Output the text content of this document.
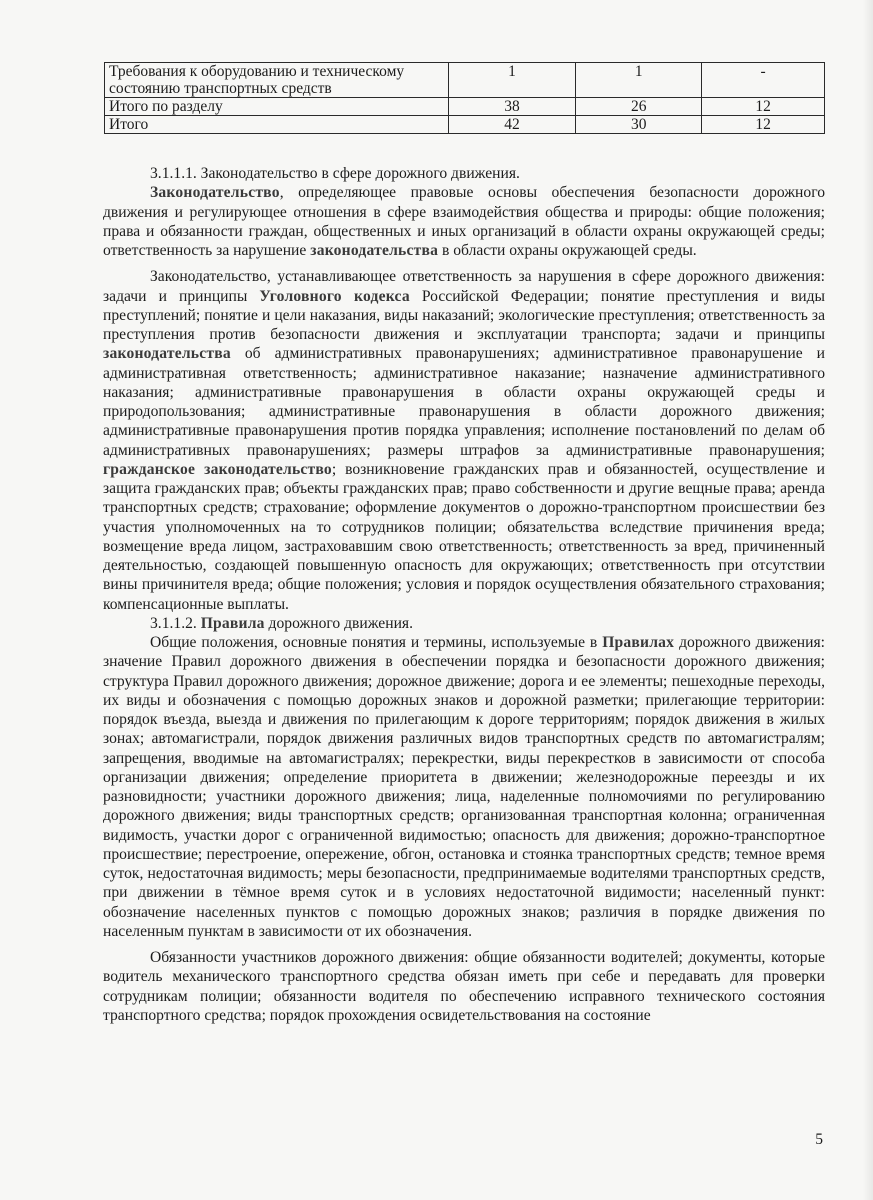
Требования к оборудованию и техническому состоянию транспортных средств	1	1	-
Итого по разделу	38	26	12
Итого	42	30	12

3.1.1.1. Законодательство в сфере дорожного движения.

Законодательство, определяющее правовые основы обеспечения безопасности дорожного движения и регулирующее отношения в сфере взаимодействия общества и природы: общие положения; права и обязанности граждан, общественных и иных организаций в области охраны окружающей среды; ответственность за нарушение законодательства в области охраны окружающей среды.

Законодательство, устанавливающее ответственность за нарушения в сфере дорожного движения: задачи и принципы Уголовного кодекса Российской Федерации; понятие преступления и виды преступлений; понятие и цели наказания, виды наказаний; экологические преступления; ответственность за преступления против безопасности движения и эксплуатации транспорта; задачи и принципы законодательства об административных правонарушениях; административное правонарушение и административная ответственность; административное наказание; назначение административного наказания; административные правонарушения в области охраны окружающей среды и природопользования; административные правонарушения в области дорожного движения; административные правонарушения против порядка управления; исполнение постановлений по делам об административных правонарушениях; размеры штрафов за административные правонарушения; гражданское законодательство; возникновение гражданских прав и обязанностей, осуществление и защита гражданских прав; объекты гражданских прав; право собственности и другие вещные права; аренда транспортных средств; страхование; оформление документов о дорожно-транспортном происшествии без участия уполномоченных на то сотрудников полиции; обязательства вследствие причинения вреда; возмещение вреда лицом, застраховавшим свою ответственность; ответственность за вред, причиненный деятельностью, создающей повышенную опасность для окружающих; ответственность при отсутствии вины причинителя вреда; общие положения; условия и порядок осуществления обязательного страхования; компенсационные выплаты.

3.1.1.2. Правила дорожного движения.

Общие положения, основные понятия и термины, используемые в Правилах дорожного движения: значение Правил дорожного движения в обеспечении порядка и безопасности дорожного движения; структура Правил дорожного движения; дорожное движение; дорога и ее элементы; пешеходные переходы, их виды и обозначения с помощью дорожных знаков и дорожной разметки; прилегающие территории: порядок въезда, выезда и движения по прилегающим к дороге территориям; порядок движения в жилых зонах; автомагистрали, порядок движения различных видов транспортных средств по автомагистралям; запрещения, вводимые на автомагистралях; перекрестки, виды перекрестков в зависимости от способа организации движения; определение приоритета в движении; железнодорожные переезды и их разновидности; участники дорожного движения; лица, наделенные полномочиями по регулированию дорожного движения; виды транспортных средств; организованная транспортная колонна; ограниченная видимость, участки дорог с ограниченной видимостью; опасность для движения; дорожно-транспортное происшествие; перестроение, опережение, обгон, остановка и стоянка транспортных средств; темное время суток, недостаточная видимость; меры безопасности, предпринимаемые водителями транспортных средств, при движении в тёмное время суток и в условиях недостаточной видимости; населенный пункт: обозначение населенных пунктов с помощью дорожных знаков; различия в порядке движения по населенным пунктам в зависимости от их обозначения.

Обязанности участников дорожного движения: общие обязанности водителей; документы, которые водитель механического транспортного средства обязан иметь при себе и передавать для проверки сотрудникам полиции; обязанности водителя по обеспечению исправного технического состояния транспортного средства; порядок прохождения освидетельствования на состояние

5
